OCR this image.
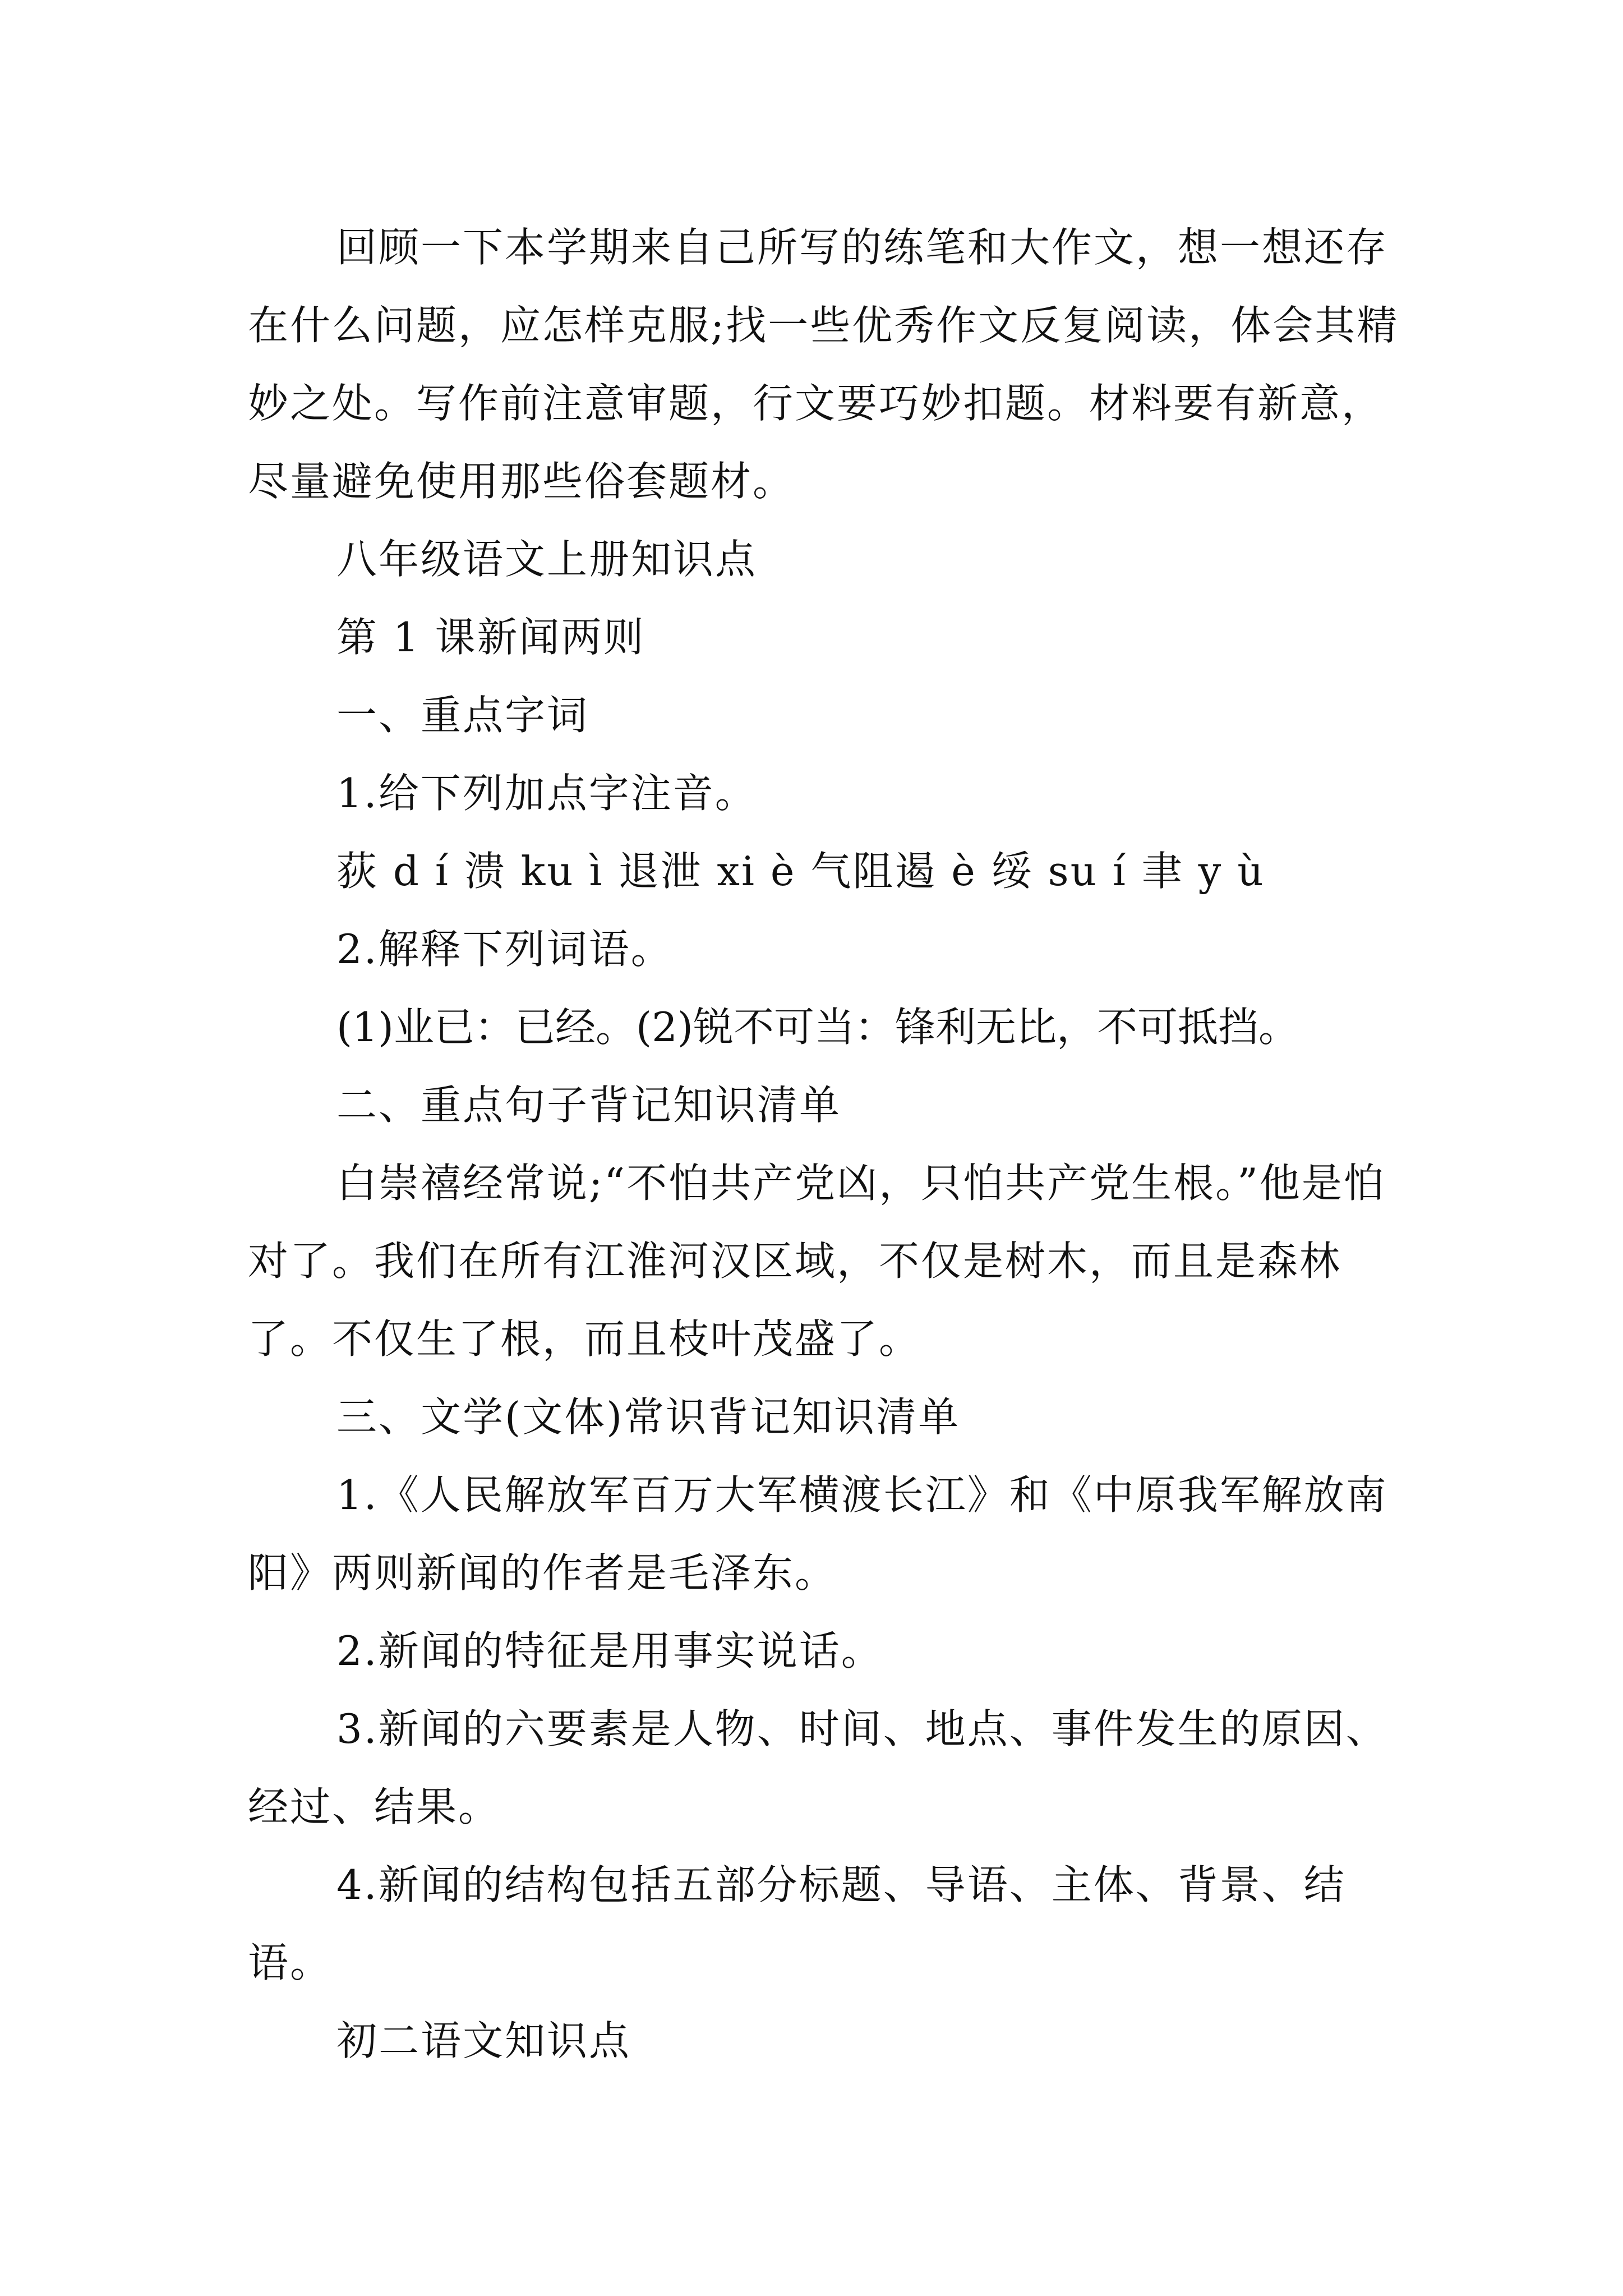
回顾一下本学期来自己所写的练笔和大作文，想一想还存在什么问题，应怎样克服;找一些优秀作文反复阅读，体会其精妙之处。写作前注意审题，行文要巧妙扣题。材料要有新意，尽量避免使用那些俗套题材。

八年级语文上册知识点

第 1 课新闻两则

一、重点字词

1.给下列加点字注音。

荻 d í 溃 ku ì 退泄 xi è 气阻遏 è 绥 su í 聿 y ù

2.解释下列词语。

(1)业已：已经。(2)锐不可当：锋利无比，不可抵挡。

二、重点句子背记知识清单

白崇禧经常说;“不怕共产党凶，只怕共产党生根。”他是怕对了。我们在所有江淮河汉区域，不仅是树木，而且是森林了。不仅生了根，而且枝叶茂盛了。

三、文学(文体)常识背记知识清单

1.《人民解放军百万大军横渡长江》和《中原我军解放南阳》两则新闻的作者是毛泽东。

2.新闻的特征是用事实说话。

3.新闻的六要素是人物、时间、地点、事件发生的原因、经过、结果。

4.新闻的结构包括五部分标题、导语、主体、背景、结语。

初二语文知识点
